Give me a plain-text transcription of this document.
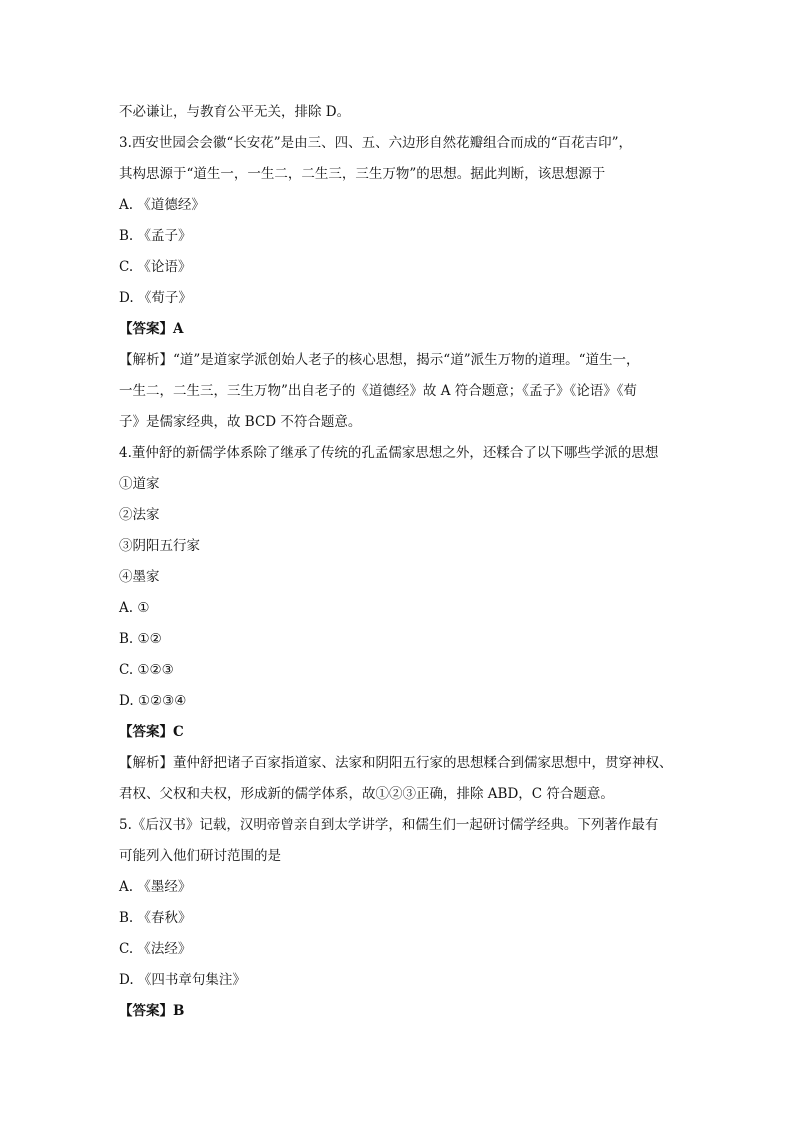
不必谦让，与教育公平无关，排除 D。
3.西安世园会会徽“长安花”是由三、四、五、六边形自然花瓣组合而成的“百花吉印”，
其构思源于“道生一，一生二，二生三，三生万物”的思想。据此判断，该思想源于
A. 《道德经》
B. 《孟子》
C. 《论语》
D. 《荀子》
【答案】A
【解析】“道”是道家学派创始人老子的核心思想，揭示“道”派生万物的道理。“道生一，
一生二，二生三，三生万物”出自老子的《道德经》故 A 符合题意；《孟子》《论语》《荀
子》是儒家经典，故 BCD 不符合题意。
4.董仲舒的新儒学体系除了继承了传统的孔孟儒家思想之外，还糅合了以下哪些学派的思想
①道家
②法家
③阴阳五行家
④墨家
A. ①
B. ①②
C. ①②③
D. ①②③④
【答案】C
【解析】董仲舒把诸子百家指道家、法家和阴阳五行家的思想糅合到儒家思想中，贯穿神权、
君权、父权和夫权，形成新的儒学体系，故①②③正确，排除 ABD，C 符合题意。
5.《后汉书》记载，汉明帝曾亲自到太学讲学，和儒生们一起研讨儒学经典。下列著作最有
可能列入他们研讨范围的是
A. 《墨经》
B. 《春秋》
C. 《法经》
D. 《四书章句集注》
【答案】B
